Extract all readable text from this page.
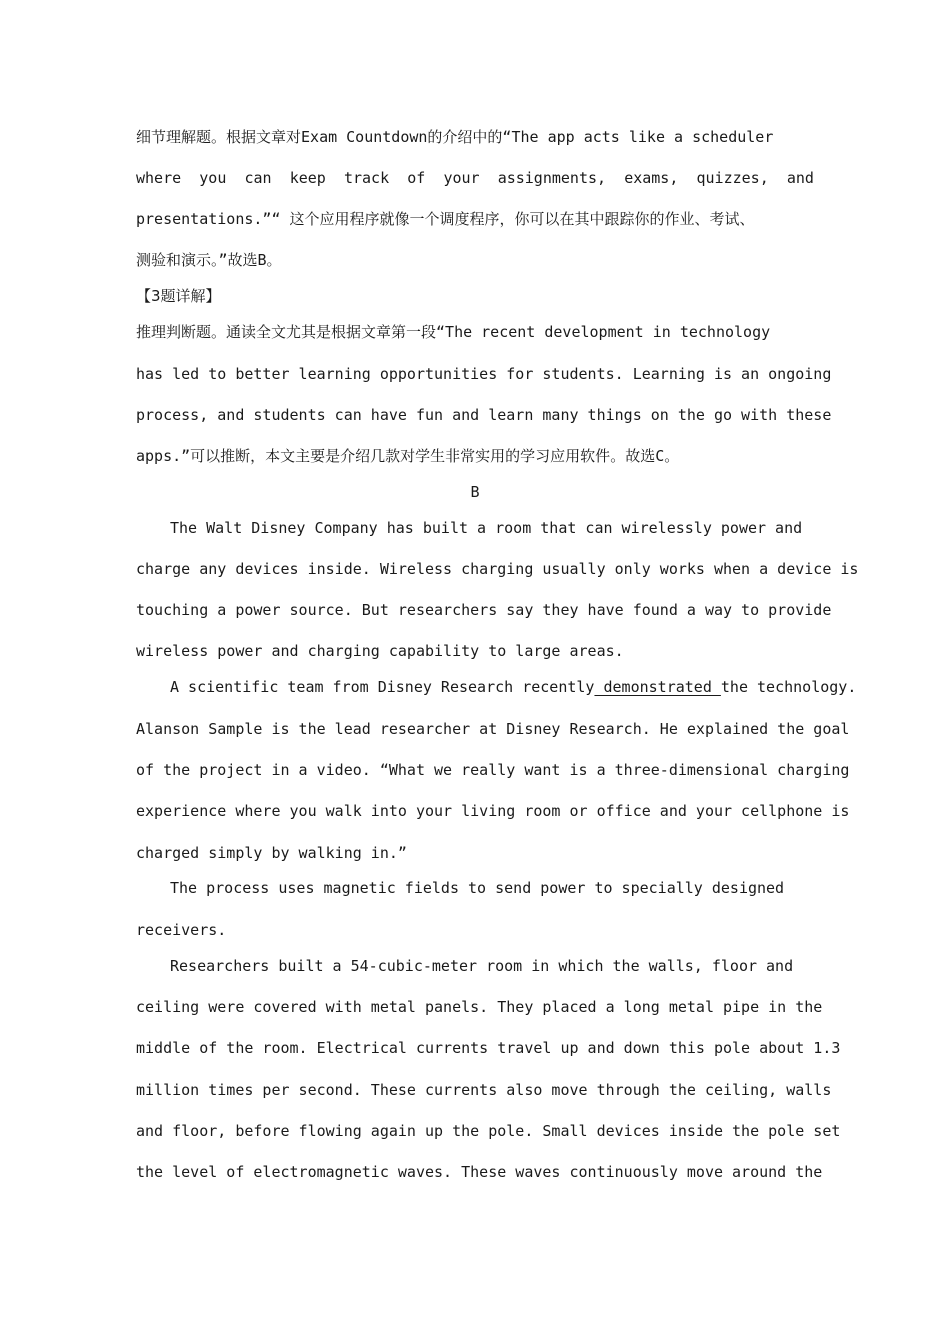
细节理解题。根据文章对Exam Countdown的介绍中的“The app acts like a scheduler
where you can keep track of your assignments, exams, quizzes, and
presentations.”“ 这个应用程序就像一个调度程序，你可以在其中跟踪你的作业、考试、
测验和演示。”故选B。
【3题详解】
推理判断题。通读全文尤其是根据文章第一段“The recent development in technology
has led to better learning opportunities for students. Learning is an ongoing
process, and students can have fun and learn many things on the go with these
apps.”可以推断，本文主要是介绍几款对学生非常实用的学习应用软件。故选C。
B
The Walt Disney Company has built a room that can wirelessly power and
charge any devices inside. Wireless charging usually only works when a device is
touching a power source. But researchers say they have found a way to provide
wireless power and charging capability to large areas.
A scientific team from Disney Research recently demonstrated the technology.
Alanson Sample is the lead researcher at Disney Research. He explained the goal
of the project in a video. “What we really want is a three-dimensional charging
experience where you walk into your living room or office and your cellphone is
charged simply by walking in.”
The process uses magnetic fields to send power to specially designed
receivers.
Researchers built a 54-cubic-meter room in which the walls, floor and
ceiling were covered with metal panels. They placed a long metal pipe in the
middle of the room. Electrical currents travel up and down this pole about 1.3
million times per second. These currents also move through the ceiling, walls
and floor, before flowing again up the pole. Small devices inside the pole set
the level of electromagnetic waves. These waves continuously move around the
